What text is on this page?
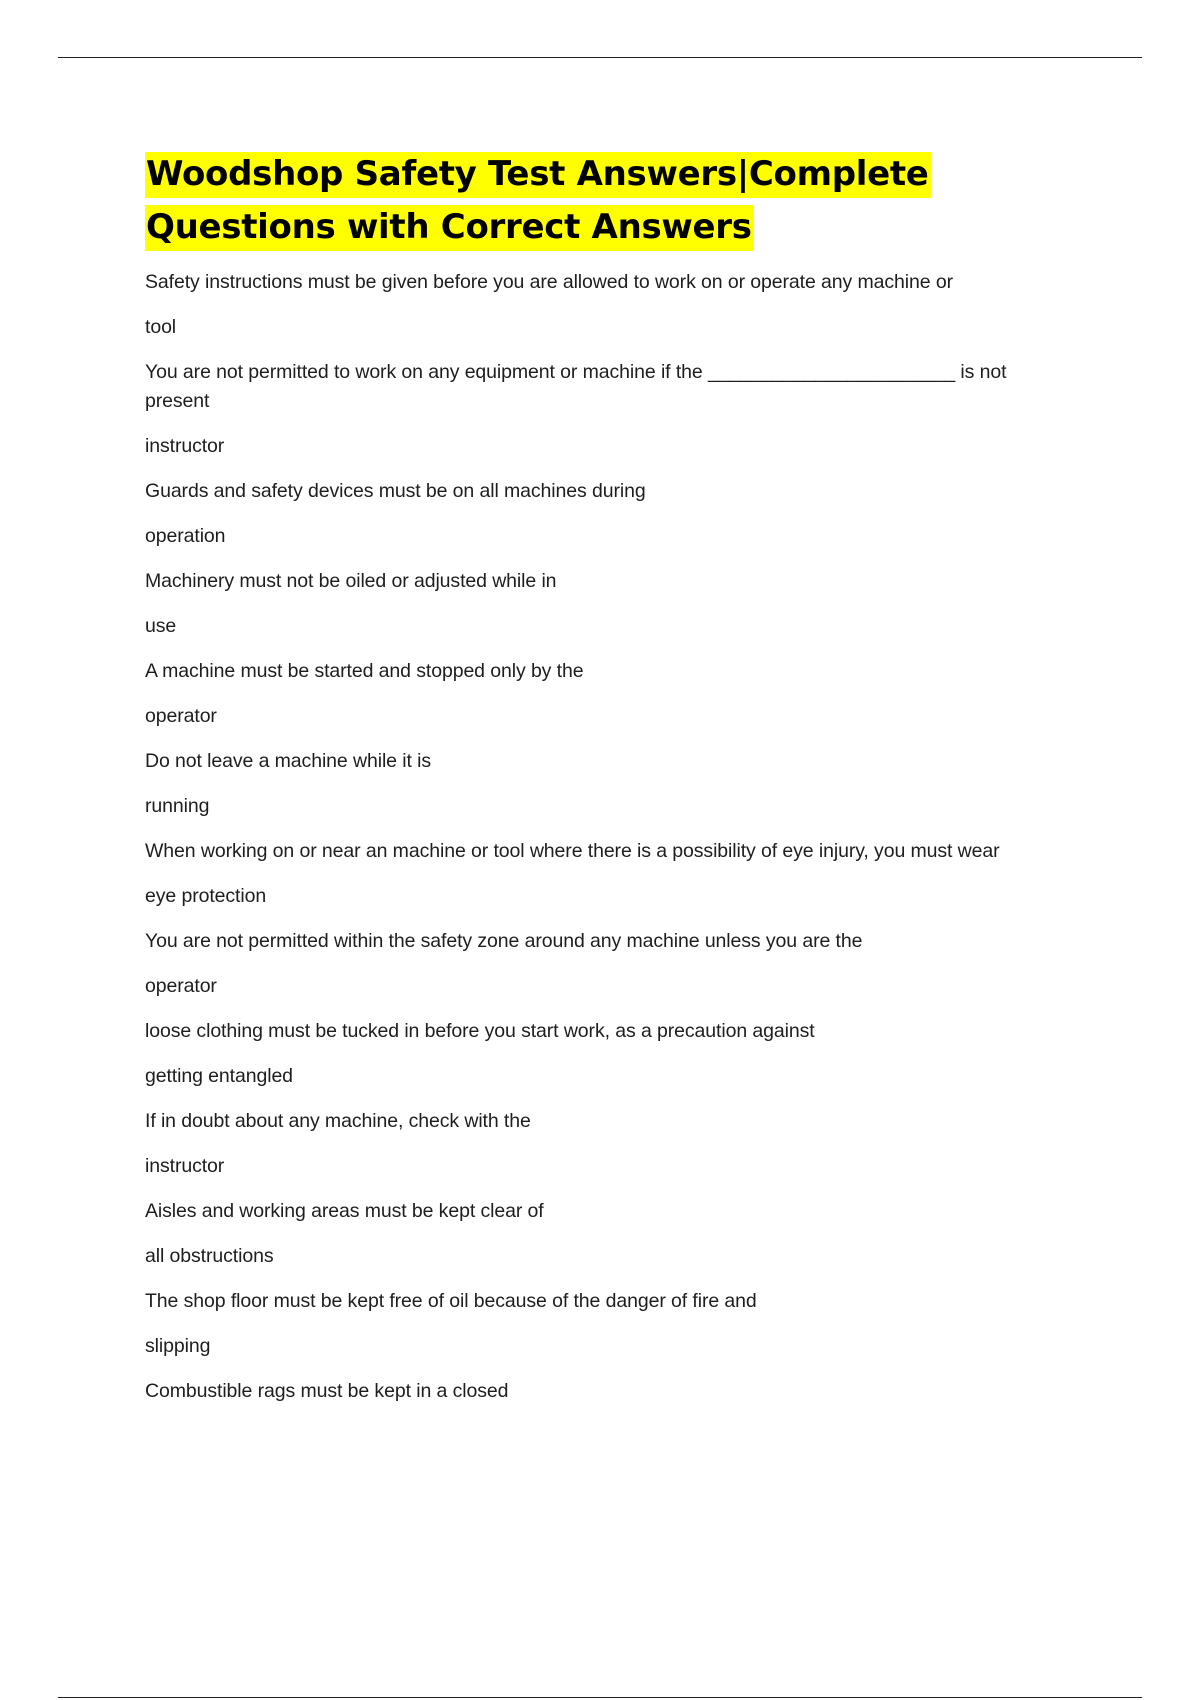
Woodshop Safety Test Answers|Complete Questions with Correct Answers

Safety instructions must be given before you are allowed to work on or operate any machine or

tool

You are not permitted to work on any equipment or machine if the _______________________ is not present

instructor

Guards and safety devices must be on all machines during

operation

Machinery must not be oiled or adjusted while in

use

A machine must be started and stopped only by the

operator

Do not leave a machine while it is

running

When working on or near an machine or tool where there is a possibility of eye injury, you must wear

eye protection

You are not permitted within the safety zone around any machine unless you are the

operator

loose clothing must be tucked in before you start work, as a precaution against

getting entangled

If in doubt about any machine, check with the

instructor

Aisles and working areas must be kept clear of

all obstructions

The shop floor must be kept free of oil because of the danger of fire and

slipping

Combustible rags must be kept in a closed
